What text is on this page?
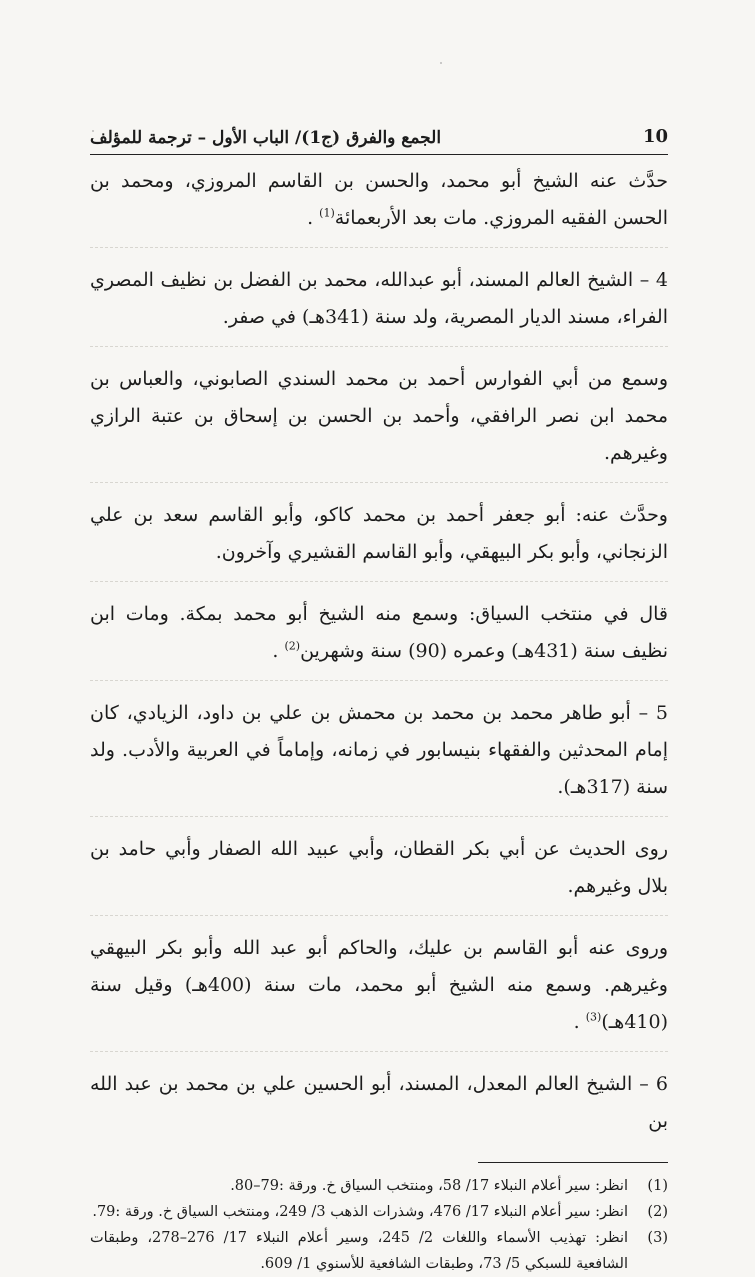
10
الجمع والفرق (ج1)/ الباب الأول – ترجمة للمؤلف

حدَّث عنه الشيخ أبو محمد، والحسن بن القاسم المروزي، ومحمد بن الحسن الفقيه المروزي. مات بعد الأربعمائة$^{(1)}$ .

4 – الشيخ العالم المسند، أبو عبدالله، محمد بن الفضل بن نظيف المصري الفراء، مسند الديار المصرية، ولد سنة (341هـ) في صفر.

وسمع من أبي الفوارس أحمد بن محمد السندي الصابوني، والعباس بن محمد ابن نصر الرافقي، وأحمد بن الحسن بن إسحاق بن عتبة الرازي وغيرهم.

وحدَّث عنه: أبو جعفر أحمد بن محمد كاكو، وأبو القاسم سعد بن علي الزنجاني، وأبو بكر البيهقي، وأبو القاسم القشيري وآخرون.

قال في منتخب السياق: وسمع منه الشيخ أبو محمد بمكة. ومات ابن نظيف سنة (431هـ) وعمره (90) سنة وشهرين$^{(2)}$ .

5 – أبو طاهر محمد بن محمد بن محمش بن علي بن داود، الزيادي، كان إمام المحدثين والفقهاء بنيسابور في زمانه، وإماماً في العربية والأدب. ولد سنة (317هـ).

روى الحديث عن أبي بكر القطان، وأبي عبيد الله الصفار وأبي حامد بن بلال وغيرهم.

وروى عنه أبو القاسم بن عليك، والحاكم أبو عبد الله وأبو بكر البيهقي وغيرهم. وسمع منه الشيخ أبو محمد، مات سنة (400هـ) وقيل سنة (410هـ)$^{(3)}$ .

6 – الشيخ العالم المعدل، المسند، أبو الحسين علي بن محمد بن عبد الله بن

(1)
انظر: سير أعلام النبلاء 17/ 58، ومنتخب السياق خ. ورقة :79–80.
(2)
انظر: سير أعلام النبلاء 17/ 476، وشذرات الذهب 3/ 249، ومنتخب السياق خ. ورقة :79.
(3)
انظر: تهذيب الأسماء واللغات 2/ 245، وسير أعلام النبلاء 17/ 276–278، وطبقات الشافعية للسبكي 5/ 73، وطبقات الشافعية للأسنوي 1/ 609.
